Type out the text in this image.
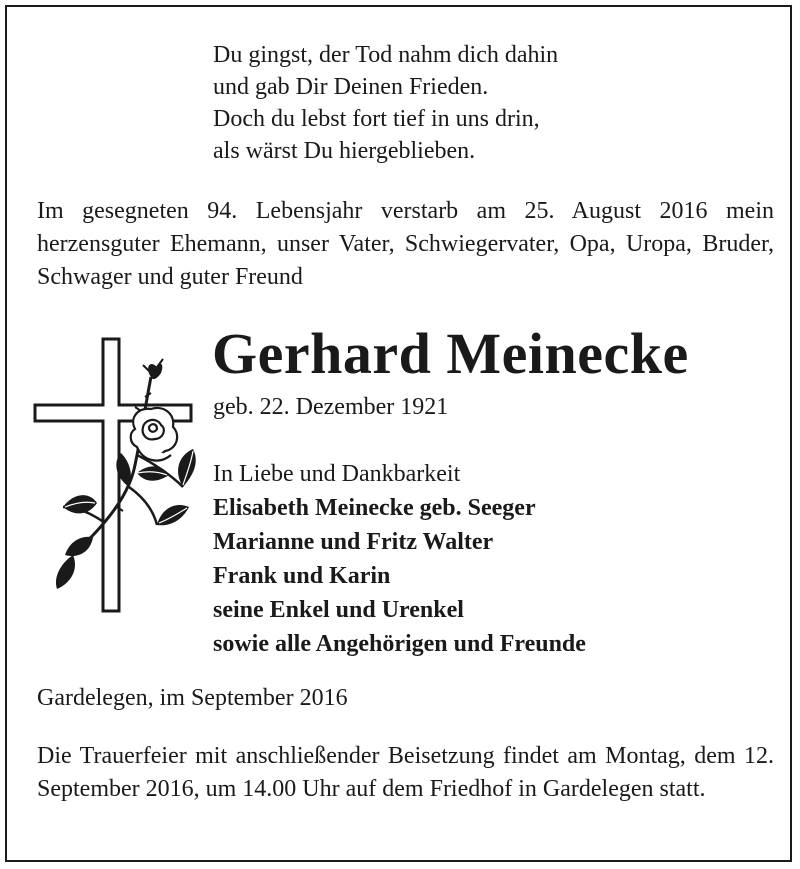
Du gingst, der Tod nahm dich dahin
und gab Dir Deinen Frieden.
Doch du lebst fort tief in uns drin,
als wärst Du hiergeblieben.
Im gesegneten 94. Lebensjahr verstarb am 25. August 2016 mein herzensguter Ehemann, unser Vater, Schwiegervater, Opa, Uropa, Bruder, Schwager und guter Freund
Gerhard Meinecke
geb. 22. Dezember 1921
In Liebe und Dankbarkeit
Elisabeth Meinecke geb. Seeger
Marianne und Fritz Walter
Frank und Karin
seine Enkel und Urenkel
sowie alle Angehörigen und Freunde
Gardelegen, im September 2016
Die Trauerfeier mit anschließender Beisetzung findet am Montag, dem 12. September 2016, um 14.00 Uhr auf dem Friedhof in Gardelegen statt.
